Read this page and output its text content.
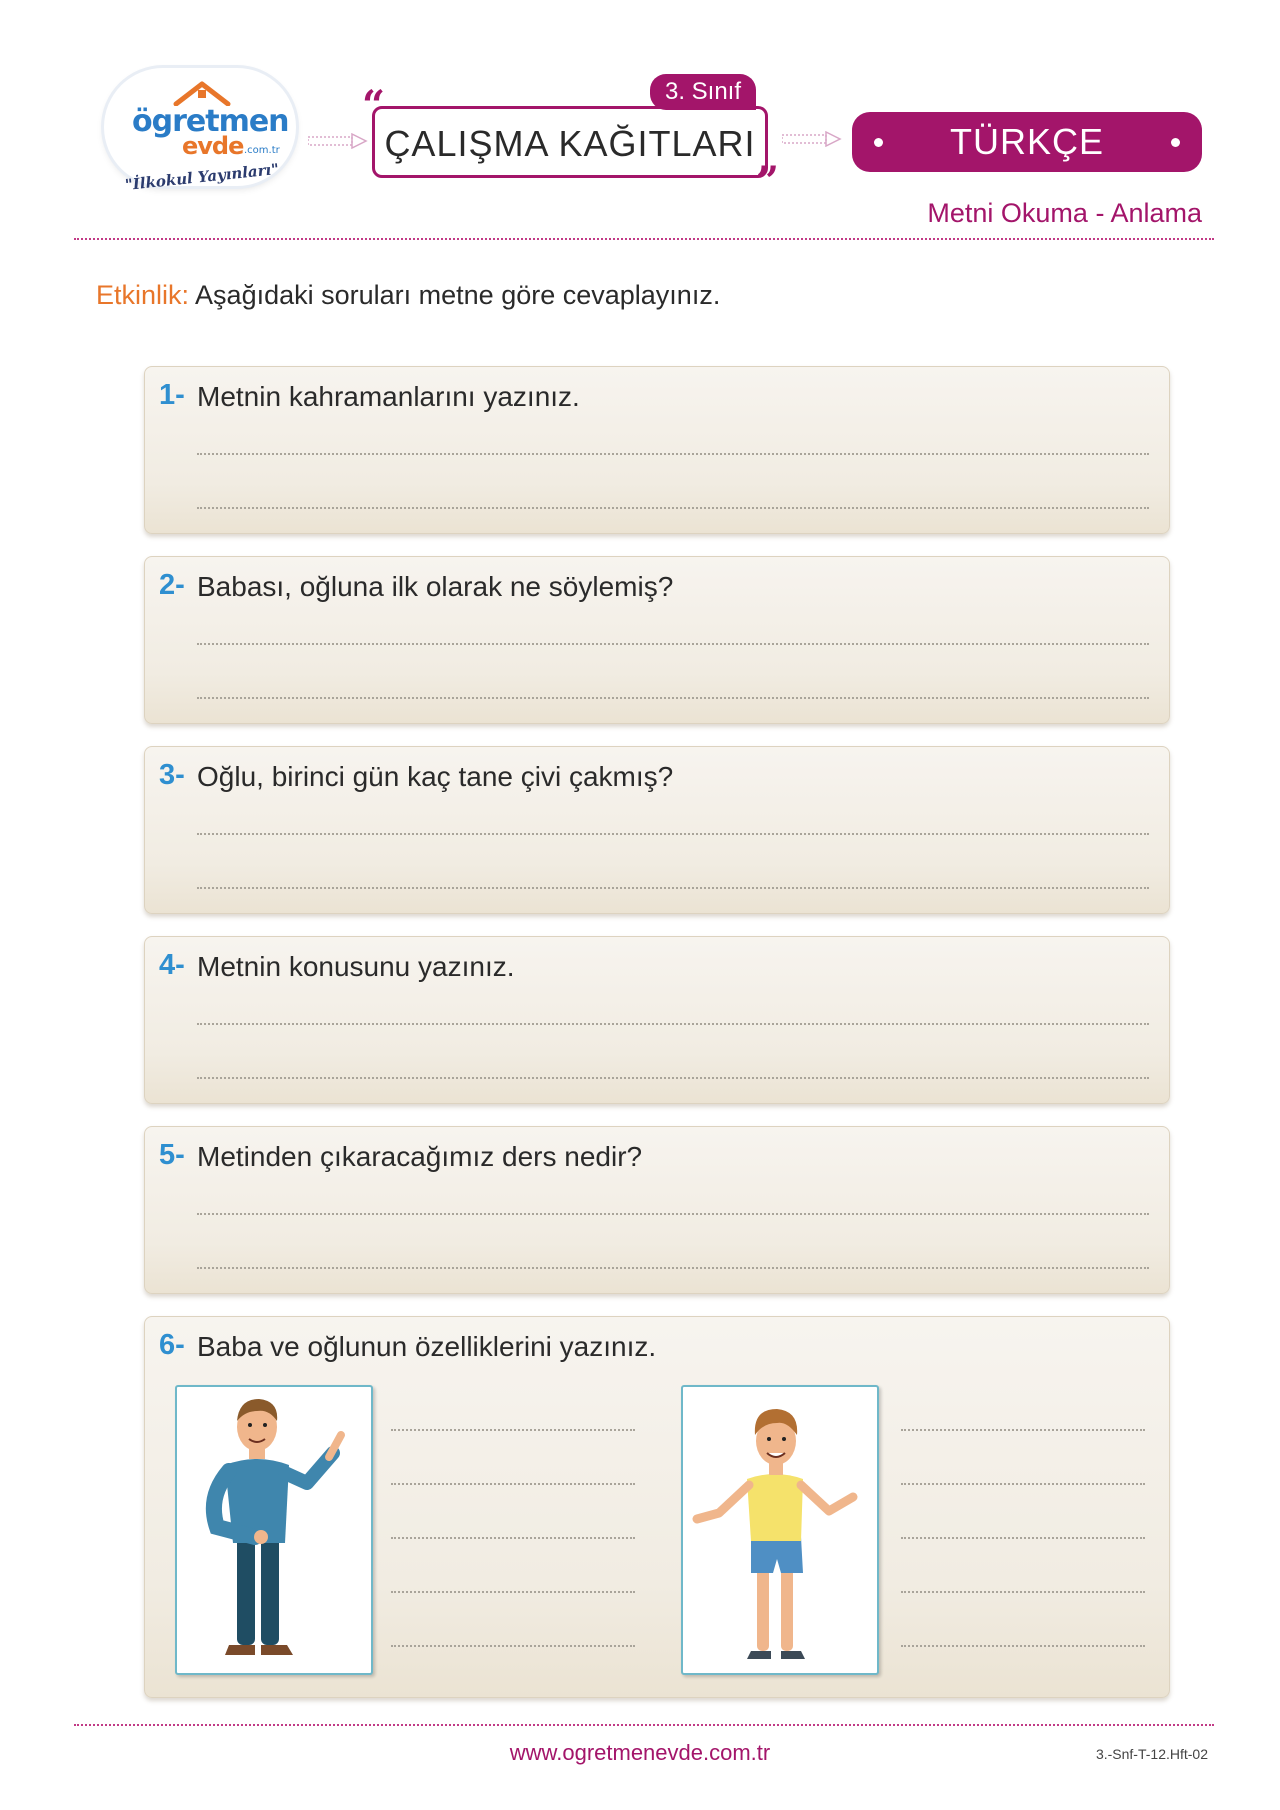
ögretmen
evde .com.tr
"İlkokul Yayınları"
“	3. Sınıf
ÇALIŞMA KAĞITLARI
”
TÜRKÇE
Metni Okuma - Anlama
Etkinlik: Aşağıdaki soruları metne göre cevaplayınız.
1- Metnin kahramanlarını yazınız.
2- Babası, oğluna ilk olarak ne söylemiş?
3- Oğlu, birinci gün kaç tane çivi çakmış?
4- Metnin konusunu yazınız.
5- Metinden çıkaracağımız ders nedir?
6- Baba ve oğlunun özelliklerini yazınız.
www.ogretmenevde.com.tr	3.-Snf-T-12.Hft-02
